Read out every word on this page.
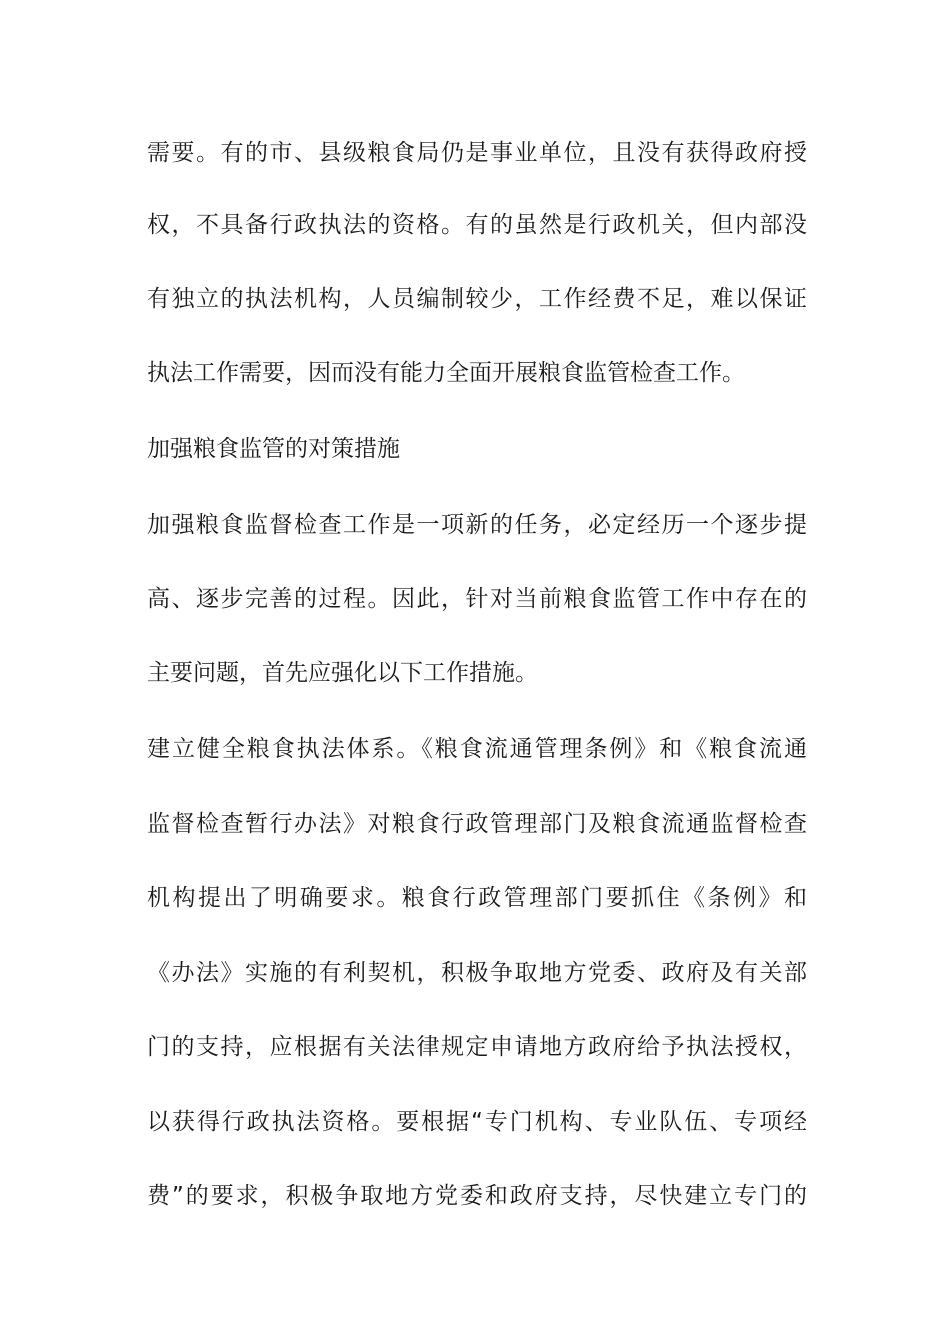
需要。有的市、县级粮食局仍是事业单位，且没有获得政府授
权，不具备行政执法的资格。有的虽然是行政机关，但内部没
有独立的执法机构，人员编制较少，工作经费不足，难以保证
执法工作需要，因而没有能力全面开展粮食监管检查工作。
加强粮食监管的对策措施
加强粮食监督检查工作是一项新的任务，必定经历一个逐步提
高、逐步完善的过程。因此，针对当前粮食监管工作中存在的
主要问题，首先应强化以下工作措施。
建立健全粮食执法体系。《粮食流通管理条例》和《粮食流通
监督检查暂行办法》对粮食行政管理部门及粮食流通监督检查
机构提出了明确要求。粮食行政管理部门要抓住《条例》和
《办法》实施的有利契机，积极争取地方党委、政府及有关部
门的支持，应根据有关法律规定申请地方政府给予执法授权，
以获得行政执法资格。要根据“专门机构、专业队伍、专项经
费”的要求，积极争取地方党委和政府支持，尽快建立专门的
